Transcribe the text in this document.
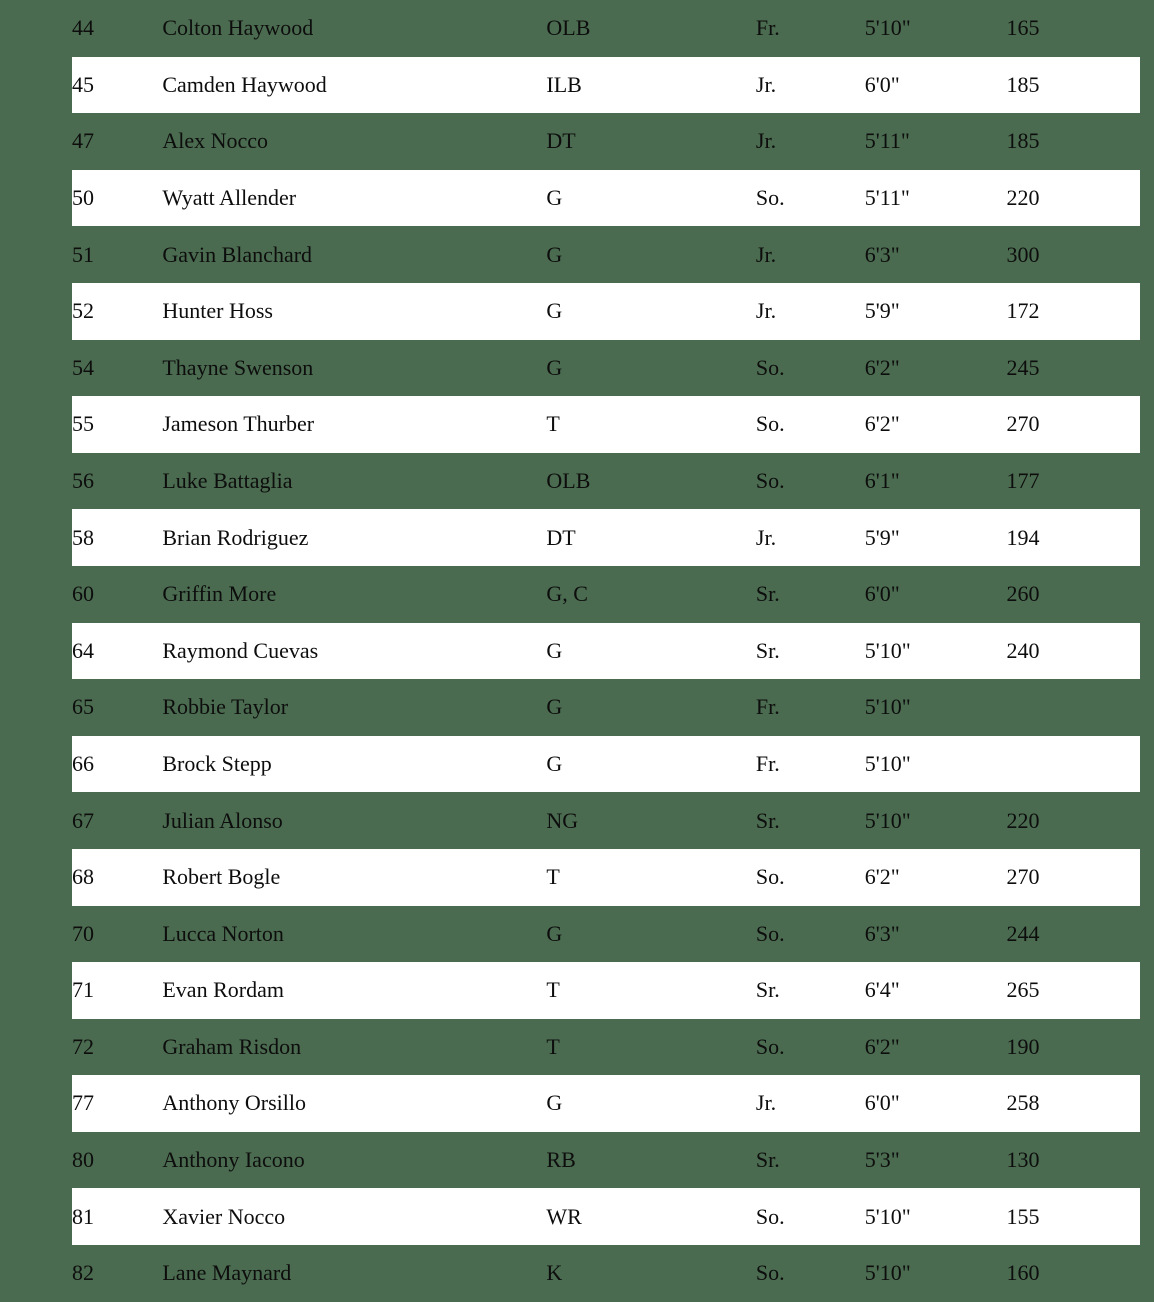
44	Colton Haywood	OLB	Fr.	5'10"	165
45	Camden Haywood	ILB	Jr.	6'0"	185
47	Alex Nocco	DT	Jr.	5'11"	185
50	Wyatt Allender	G	So.	5'11"	220
51	Gavin Blanchard	G	Jr.	6'3"	300
52	Hunter Hoss	G	Jr.	5'9"	172
54	Thayne Swenson	G	So.	6'2"	245
55	Jameson Thurber	T	So.	6'2"	270
56	Luke Battaglia	OLB	So.	6'1"	177
58	Brian Rodriguez	DT	Jr.	5'9"	194
60	Griffin More	G, C	Sr.	6'0"	260
64	Raymond Cuevas	G	Sr.	5'10"	240
65	Robbie Taylor	G	Fr.	5'10"	
66	Brock Stepp	G	Fr.	5'10"	
67	Julian Alonso	NG	Sr.	5'10"	220
68	Robert Bogle	T	So.	6'2"	270
70	Lucca Norton	G	So.	6'3"	244
71	Evan Rordam	T	Sr.	6'4"	265
72	Graham Risdon	T	So.	6'2"	190
77	Anthony Orsillo	G	Jr.	6'0"	258
80	Anthony Iacono	RB	Sr.	5'3"	130
81	Xavier Nocco	WR	So.	5'10"	155
82	Lane Maynard	K	So.	5'10"	160
